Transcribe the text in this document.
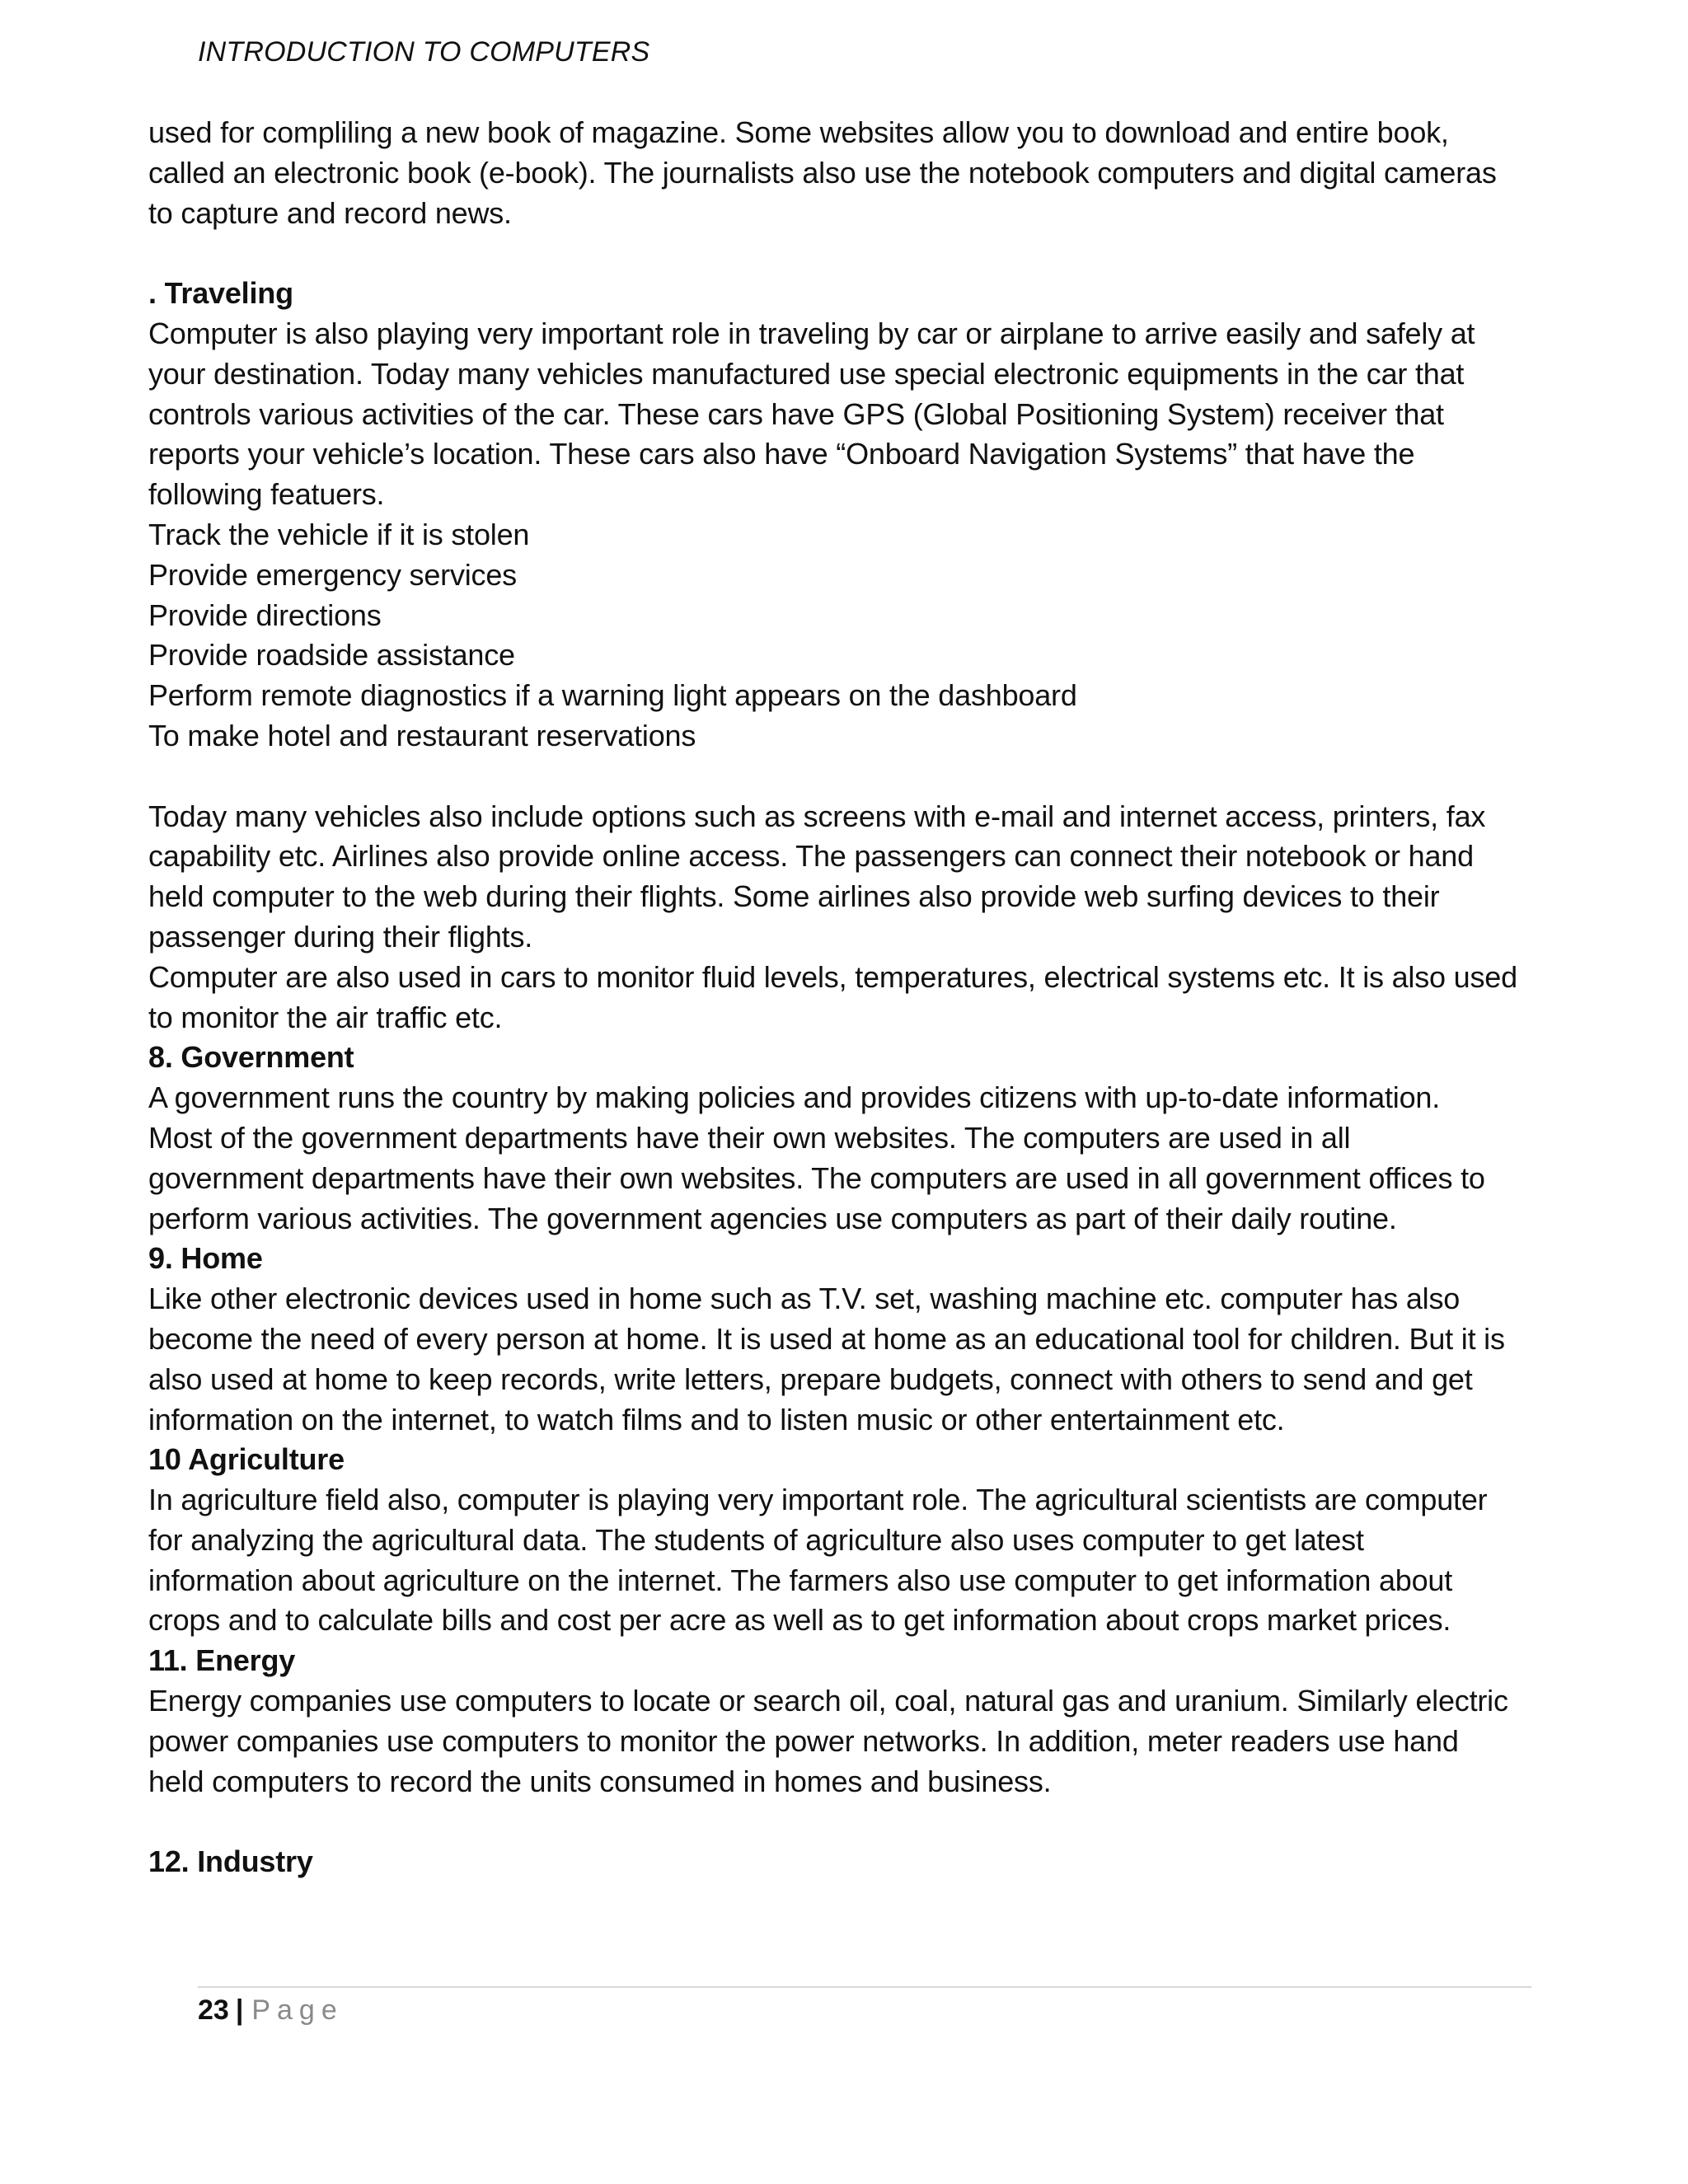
INTRODUCTION TO COMPUTERS
used for compliling a new book of magazine. Some websites allow you to download and entire book,
called an electronic book (e-book). The journalists also use the notebook computers and digital cameras
to capture and record news.
. Traveling
Computer is also playing very important role in traveling by car or airplane to arrive easily and safely at
your destination. Today many vehicles manufactured use special electronic equipments in the car that
controls various activities of the car. These cars have GPS (Global Positioning System) receiver that
reports your vehicle’s location. These cars also have “Onboard Navigation Systems” that have the
following featuers.
Track the vehicle if it is stolen
Provide emergency services
Provide directions
Provide roadside assistance
Perform remote diagnostics if a warning light appears on the dashboard
To make hotel and restaurant reservations
Today many vehicles also include options such as screens with e-mail and internet access, printers, fax
capability etc. Airlines also provide online access. The passengers can connect their notebook or hand
held computer to the web during their flights. Some airlines also provide web surfing devices to their
passenger during their flights.
Computer are also used in cars to monitor fluid levels, temperatures, electrical systems etc. It is also used
to monitor the air traffic etc.
8. Government
A government runs the country by making policies and provides citizens with up-to-date information.
Most of the government departments have their own websites. The computers are used in all
government departments have their own websites. The computers are used in all government offices to
perform various activities. The government agencies use computers as part of their daily routine.
9. Home
Like other electronic devices used in home such as T.V. set, washing machine etc. computer has also
become the need of every person at home. It is used at home as an educational tool for children. But it is
also used at home to keep records, write letters, prepare budgets, connect with others to send and get
information on the internet, to watch films and to listen music or other entertainment etc.
10 Agriculture
In agriculture field also, computer is playing very important role. The agricultural scientists are computer
for analyzing the agricultural data. The students of agriculture also uses computer to get latest
information about agriculture on the internet. The farmers also use computer to get information about
crops and to calculate bills and cost per acre as well as to get information about crops market prices.
11. Energy
Energy companies use computers to locate or search oil, coal, natural gas and uranium. Similarly electric
power companies use computers to monitor the power networks. In addition, meter readers use hand
held computers to record the units consumed in homes and business.
12. Industry
23 | Page
